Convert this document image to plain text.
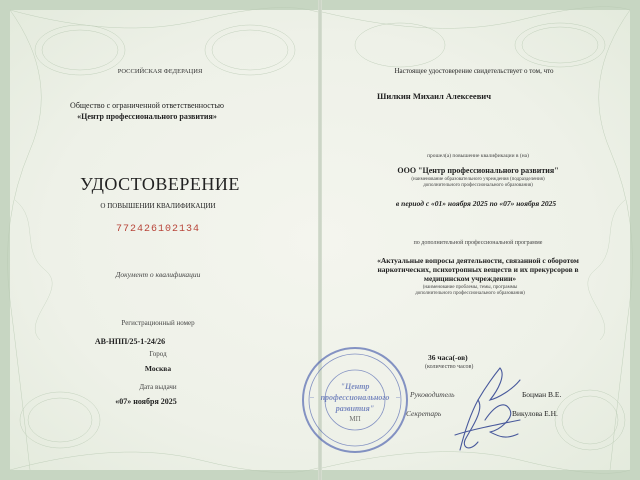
РОССИЙСКАЯ ФЕДЕРАЦИЯ
Общество с ограниченной ответственностью
«Центр профессионального развития»
УДОСТОВЕРЕНИЕ
О ПОВЫШЕНИИ КВАЛИФИКАЦИИ
772426102134
Документ о квалификации
Регистрационный номер
АВ-НПП/25-1-24/26
Город
Москва
Дата выдачи
«07» ноября 2025
Настоящее удостоверение свидетельствует о том, что
Шилкин Михаил Алексеевич
прошел(а) повышение квалификации в (на)
ООО "Центр профессионального развития"
(наименование образовательного учреждения (подразделения)
дополнительного профессионального образования)
в период с «01» ноября 2025 по «07» ноября 2025
по дополнительной профессиональной программе
«Актуальные вопросы деятельности, связанной с оборотом
наркотических, психотропных веществ и их прекурсоров в
медицинском учреждении»
(наименование проблемы, темы, программы
дополнительного профессионального образования)
36 часа(-ов)
(количество часов)
Руководитель	Боцман В.Е.
Секретарь	Викулова Е.Н.
"Центр
профессионального
развития"
МП
